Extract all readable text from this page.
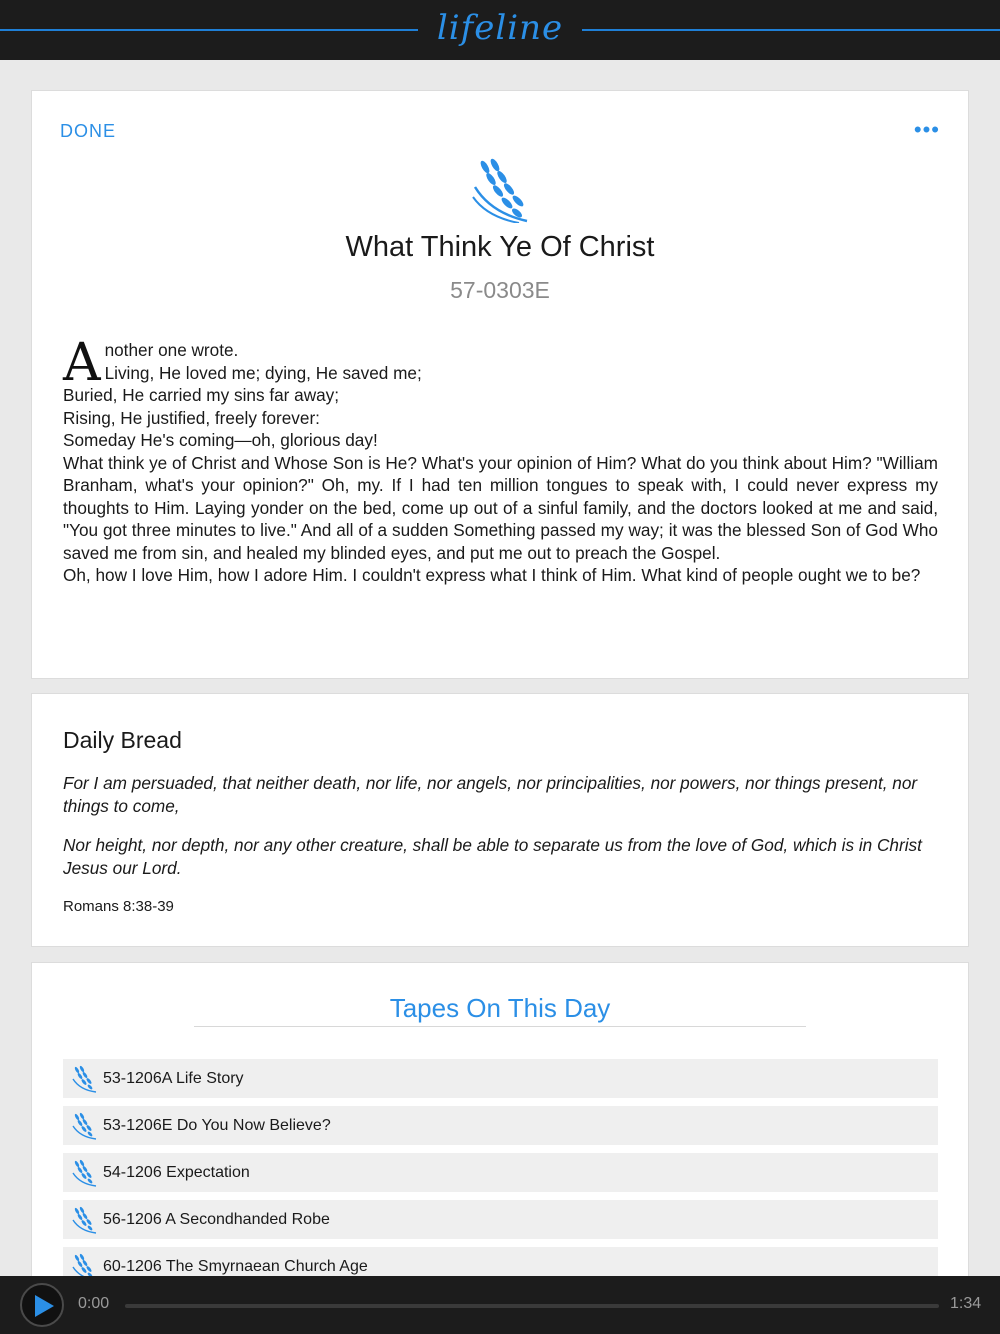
lifeline
DONE	•••
What Think Ye Of Christ
57-0303E

Another one wrote.

Living, He loved me; dying, He saved me;

Buried, He carried my sins far away;

Rising, He justified, freely forever:

Someday He's coming—oh, glorious day!

What think ye of Christ and Whose Son is He? What's your opinion of Him? What do you think about Him? "William Branham, what's your opinion?" Oh, my. If I had ten million tongues to speak with, I could never express my thoughts to Him. Laying yonder on the bed, come up out of a sinful family, and the doctors looked at me and said, "You got three minutes to live." And all of a sudden Something passed my way; it was the blessed Son of God Who saved me from sin, and healed my blinded eyes, and put me out to preach the Gospel.

Oh, how I love Him, how I adore Him. I couldn't express what I think of Him. What kind of people ought we to be?

Daily Bread
For I am persuaded, that neither death, nor life, nor angels, nor principalities, nor powers, nor things present, nor things to come,
Nor height, nor depth, nor any other creature, shall be able to separate us from the love of God, which is in Christ Jesus our Lord.
Romans 8:38-39
Tapes On This Day
53-1206A Life Story
53-1206E Do You Now Believe?
54-1206 Expectation
56-1206 A Secondhanded Robe
60-1206 The Smyrnaean Church Age
0:00	1:34
